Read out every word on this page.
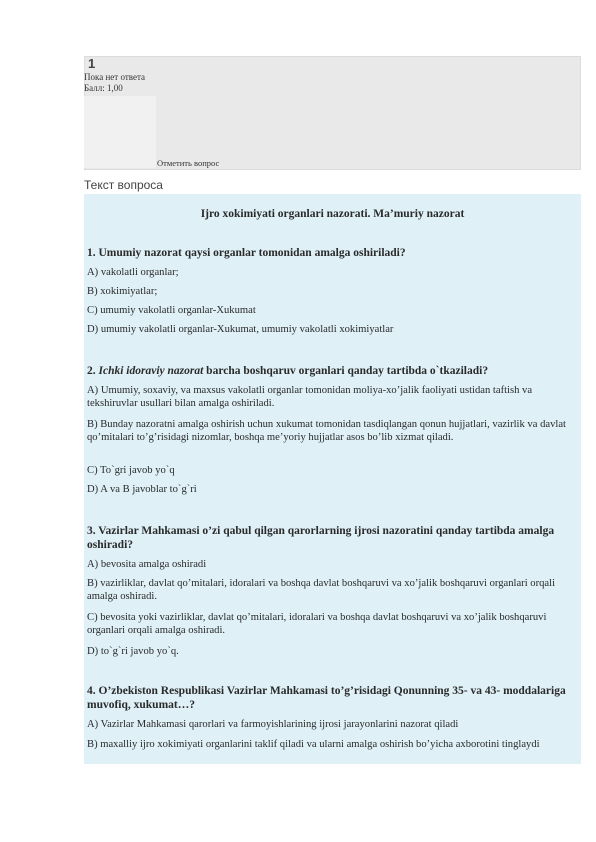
1
Пока нет ответа
Балл: 1,00
Отметить вопрос
Текст вопроса
Ijro xokimiyati organlari nazorati. Ma’muriy nazorat
1. Umumiy nazorat qaysi organlar tomonidan amalga oshiriladi?
A) vakolatli organlar;
B) xokimiyatlar;
C) umumiy vakolatli organlar-Xukumat
D) umumiy vakolatli organlar-Xukumat, umumiy vakolatli xokimiyatlar
2. Ichki idoraviy nazorat barcha boshqaruv organlari qanday tartibda o`tkaziladi?
A) Umumiy, soxaviy, va maxsus vakolatli organlar tomonidan moliya-xo’jalik faoliyati ustidan taftish va tekshiruvlar usullari bilan amalga oshiriladi.
B) Bunday nazoratni amalga oshirish uchun xukumat tomonidan tasdiqlangan qonun hujjatlari, vazirlik va davlat qo’mitalari to’g’risidagi nizomlar, boshqa me’yoriy hujjatlar asos bo’lib xizmat qiladi.
C) To`gri javob yo`q
D) A va B javoblar to`g`ri
3. Vazirlar Mahkamasi o’zi qabul qilgan qarorlarning ijrosi nazoratini qanday tartibda amalga oshiradi?
A) bevosita amalga oshiradi
B) vazirliklar, davlat qo’mitalari, idoralari va boshqa davlat boshqaruvi va xo’jalik boshqaruvi organlari orqali amalga oshiradi.
C) bevosita yoki vazirliklar, davlat qo’mitalari, idoralari va boshqa davlat boshqaruvi va xo’jalik boshqaruvi organlari orqali amalga oshiradi.
D) to`g`ri javob yo`q.
4. O’zbekiston Respublikasi Vazirlar Mahkamasi to’g’risidagi Qonunning 35- va 43- moddalariga muvofiq, xukumat…?
A) Vazirlar Mahkamasi qarorlari va farmoyishlarining ijrosi jarayonlarini nazorat qiladi
B) maxalliy ijro xokimiyati organlarini taklif qiladi va ularni amalga oshirish bo’yicha axborotini tinglaydi
